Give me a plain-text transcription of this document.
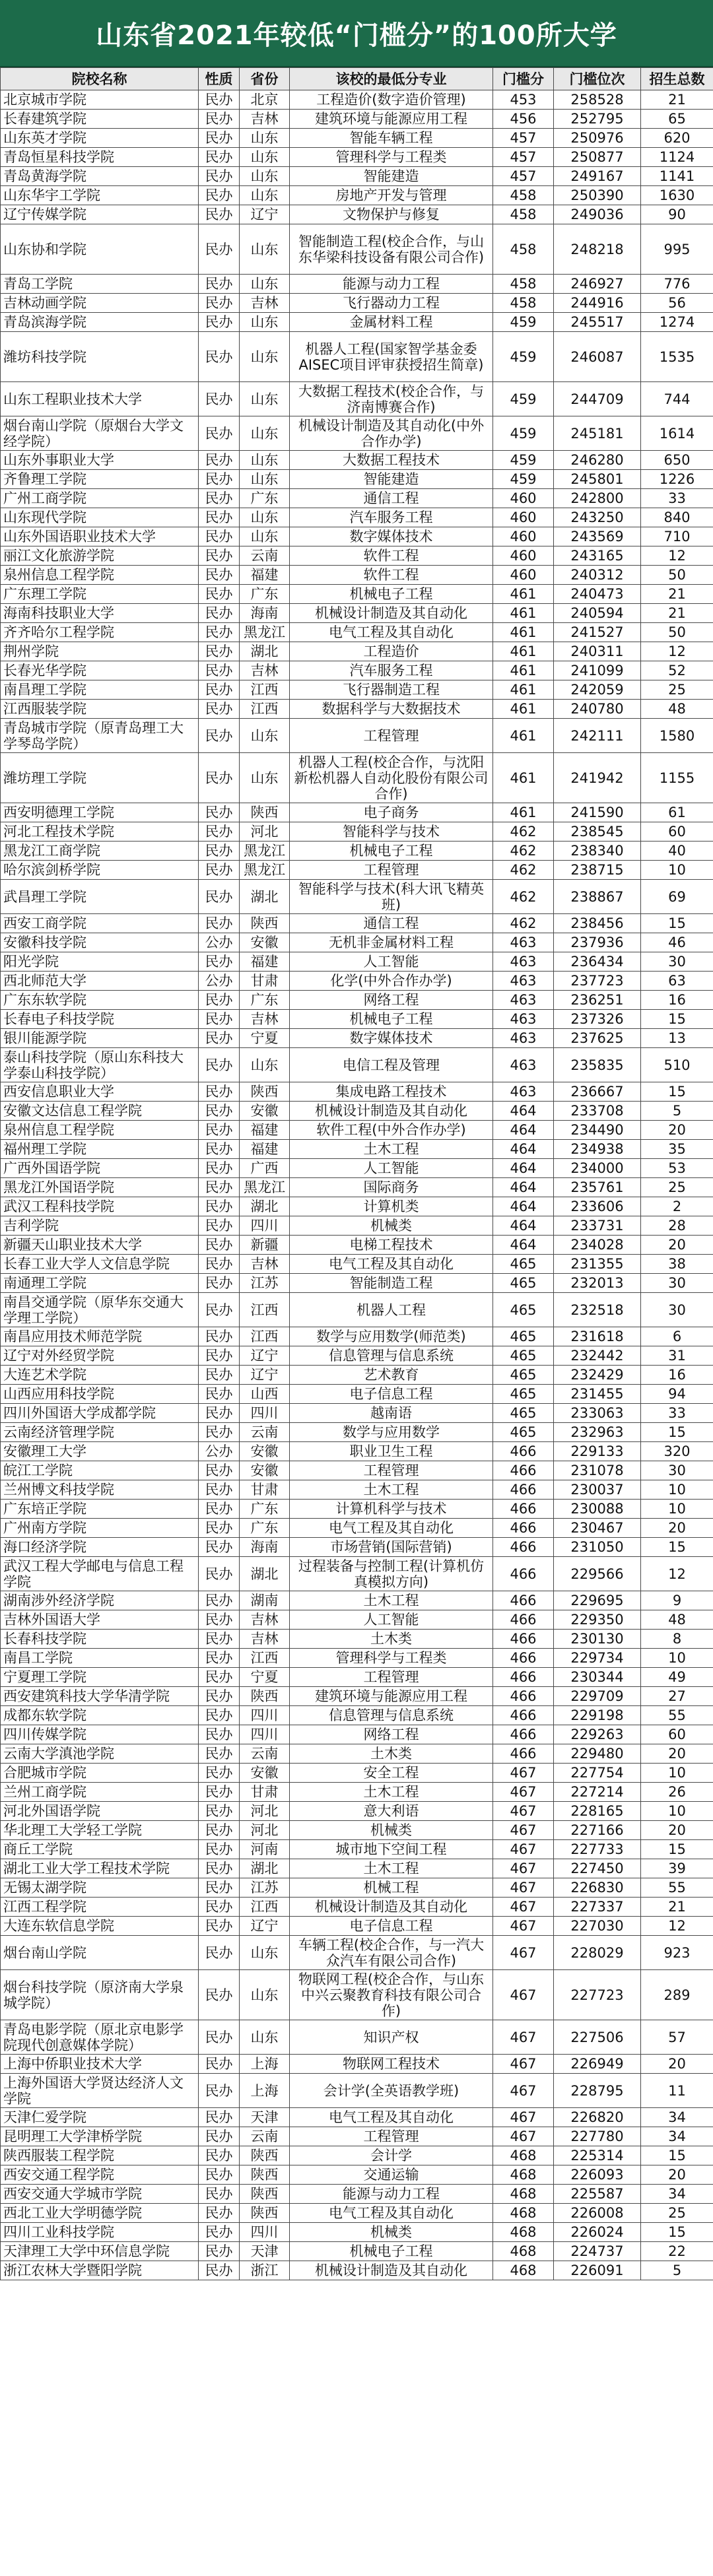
山东省2021年较低“门槛分”的100所大学
院校名称	性质	省份	该校的最低分专业	门槛分	门槛位次	招生总数
北京城市学院	民办	北京	工程造价(数字造价管理)	453	258528	21
长春建筑学院	民办	吉林	建筑环境与能源应用工程	456	252795	65
山东英才学院	民办	山东	智能车辆工程	457	250976	620
青岛恒星科技学院	民办	山东	管理科学与工程类	457	250877	1124
青岛黄海学院	民办	山东	智能建造	457	249167	1141
山东华宇工学院	民办	山东	房地产开发与管理	458	250390	1630
辽宁传媒学院	民办	辽宁	文物保护与修复	458	249036	90
山东协和学院	民办	山东	智能制造工程(校企合作，与山东华梁科技设备有限公司合作)	458	248218	995
青岛工学院	民办	山东	能源与动力工程	458	246927	776
吉林动画学院	民办	吉林	飞行器动力工程	458	244916	56
青岛滨海学院	民办	山东	金属材料工程	459	245517	1274
潍坊科技学院	民办	山东	机器人工程(国家智学基金委AISEC项目评审获授招生简章)	459	246087	1535
山东工程职业技术大学	民办	山东	大数据工程技术(校企合作，与济南博赛合作)	459	244709	744
烟台南山学院（原烟台大学文经学院）	民办	山东	机械设计制造及其自动化(中外合作办学)	459	245181	1614
山东外事职业大学	民办	山东	大数据工程技术	459	246280	650
齐鲁理工学院	民办	山东	智能建造	459	245801	1226
广州工商学院	民办	广东	通信工程	460	242800	33
山东现代学院	民办	山东	汽车服务工程	460	243250	840
山东外国语职业技术大学	民办	山东	数字媒体技术	460	243569	710
丽江文化旅游学院	民办	云南	软件工程	460	243165	12
泉州信息工程学院	民办	福建	软件工程	460	240312	50
广东理工学院	民办	广东	机械电子工程	461	240473	21
海南科技职业大学	民办	海南	机械设计制造及其自动化	461	240594	21
齐齐哈尔工程学院	民办	黑龙江	电气工程及其自动化	461	241527	50
荆州学院	民办	湖北	工程造价	461	240311	12
长春光华学院	民办	吉林	汽车服务工程	461	241099	52
南昌理工学院	民办	江西	飞行器制造工程	461	242059	25
江西服装学院	民办	江西	数据科学与大数据技术	461	240780	48
青岛城市学院（原青岛理工大学琴岛学院）	民办	山东	工程管理	461	242111	1580
潍坊理工学院	民办	山东	机器人工程(校企合作，与沈阳新松机器人自动化股份有限公司合作)	461	241942	1155
西安明德理工学院	民办	陕西	电子商务	461	241590	61
河北工程技术学院	民办	河北	智能科学与技术	462	238545	60
黑龙江工商学院	民办	黑龙江	机械电子工程	462	238340	40
哈尔滨剑桥学院	民办	黑龙江	工程管理	462	238715	10
武昌理工学院	民办	湖北	智能科学与技术(科大讯飞精英班)	462	238867	69
西安工商学院	民办	陕西	通信工程	462	238456	15
安徽科技学院	公办	安徽	无机非金属材料工程	463	237936	46
阳光学院	民办	福建	人工智能	463	236434	30
西北师范大学	公办	甘肃	化学(中外合作办学)	463	237723	63
广东东软学院	民办	广东	网络工程	463	236251	16
长春电子科技学院	民办	吉林	机械电子工程	463	237326	15
银川能源学院	民办	宁夏	数字媒体技术	463	237625	13
泰山科技学院（原山东科技大学泰山科技学院）	民办	山东	电信工程及管理	463	235835	510
西安信息职业大学	民办	陕西	集成电路工程技术	463	236667	15
安徽文达信息工程学院	民办	安徽	机械设计制造及其自动化	464	233708	5
泉州信息工程学院	民办	福建	软件工程(中外合作办学)	464	234490	20
福州理工学院	民办	福建	土木工程	464	234938	35
广西外国语学院	民办	广西	人工智能	464	234000	53
黑龙江外国语学院	民办	黑龙江	国际商务	464	235761	25
武汉工程科技学院	民办	湖北	计算机类	464	233606	2
吉利学院	民办	四川	机械类	464	233731	28
新疆天山职业技术大学	民办	新疆	电梯工程技术	464	234028	20
长春工业大学人文信息学院	民办	吉林	电气工程及其自动化	465	231355	38
南通理工学院	民办	江苏	智能制造工程	465	232013	30
南昌交通学院（原华东交通大学理工学院）	民办	江西	机器人工程	465	232518	30
南昌应用技术师范学院	民办	江西	数学与应用数学(师范类)	465	231618	6
辽宁对外经贸学院	民办	辽宁	信息管理与信息系统	465	232442	31
大连艺术学院	民办	辽宁	艺术教育	465	232429	16
山西应用科技学院	民办	山西	电子信息工程	465	231455	94
四川外国语大学成都学院	民办	四川	越南语	465	233063	33
云南经济管理学院	民办	云南	数学与应用数学	465	232963	15
安徽理工大学	公办	安徽	职业卫生工程	466	229133	320
皖江工学院	民办	安徽	工程管理	466	231078	30
兰州博文科技学院	民办	甘肃	土木工程	466	230037	10
广东培正学院	民办	广东	计算机科学与技术	466	230088	10
广州南方学院	民办	广东	电气工程及其自动化	466	230467	20
海口经济学院	民办	海南	市场营销(国际营销)	466	231050	15
武汉工程大学邮电与信息工程学院	民办	湖北	过程装备与控制工程(计算机仿真模拟方向)	466	229566	12
湖南涉外经济学院	民办	湖南	土木工程	466	229695	9
吉林外国语大学	民办	吉林	人工智能	466	229350	48
长春科技学院	民办	吉林	土木类	466	230130	8
南昌工学院	民办	江西	管理科学与工程类	466	229734	10
宁夏理工学院	民办	宁夏	工程管理	466	230344	49
西安建筑科技大学华清学院	民办	陕西	建筑环境与能源应用工程	466	229709	27
成都东软学院	民办	四川	信息管理与信息系统	466	229198	55
四川传媒学院	民办	四川	网络工程	466	229263	60
云南大学滇池学院	民办	云南	土木类	466	229480	20
合肥城市学院	民办	安徽	安全工程	467	227754	10
兰州工商学院	民办	甘肃	土木工程	467	227214	26
河北外国语学院	民办	河北	意大利语	467	228165	10
华北理工大学轻工学院	民办	河北	机械类	467	227166	20
商丘工学院	民办	河南	城市地下空间工程	467	227733	15
湖北工业大学工程技术学院	民办	湖北	土木工程	467	227450	39
无锡太湖学院	民办	江苏	机械工程	467	226830	55
江西工程学院	民办	江西	机械设计制造及其自动化	467	227337	21
大连东软信息学院	民办	辽宁	电子信息工程	467	227030	12
烟台南山学院	民办	山东	车辆工程(校企合作，与一汽大众汽车有限公司合作)	467	228029	923
烟台科技学院（原济南大学泉城学院）	民办	山东	物联网工程(校企合作，与山东中兴云聚教育科技有限公司合作)	467	227723	289
青岛电影学院（原北京电影学院现代创意媒体学院）	民办	山东	知识产权	467	227506	57
上海中侨职业技术大学	民办	上海	物联网工程技术	467	226949	20
上海外国语大学贤达经济人文学院	民办	上海	会计学(全英语教学班)	467	228795	11
天津仁爱学院	民办	天津	电气工程及其自动化	467	226820	34
昆明理工大学津桥学院	民办	云南	工程管理	467	227780	34
陕西服装工程学院	民办	陕西	会计学	468	225314	15
西安交通工程学院	民办	陕西	交通运输	468	226093	20
西安交通大学城市学院	民办	陕西	能源与动力工程	468	225587	34
西北工业大学明德学院	民办	陕西	电气工程及其自动化	468	226008	25
四川工业科技学院	民办	四川	机械类	468	226024	15
天津理工大学中环信息学院	民办	天津	机械电子工程	468	224737	22
浙江农林大学暨阳学院	民办	浙江	机械设计制造及其自动化	468	226091	5
